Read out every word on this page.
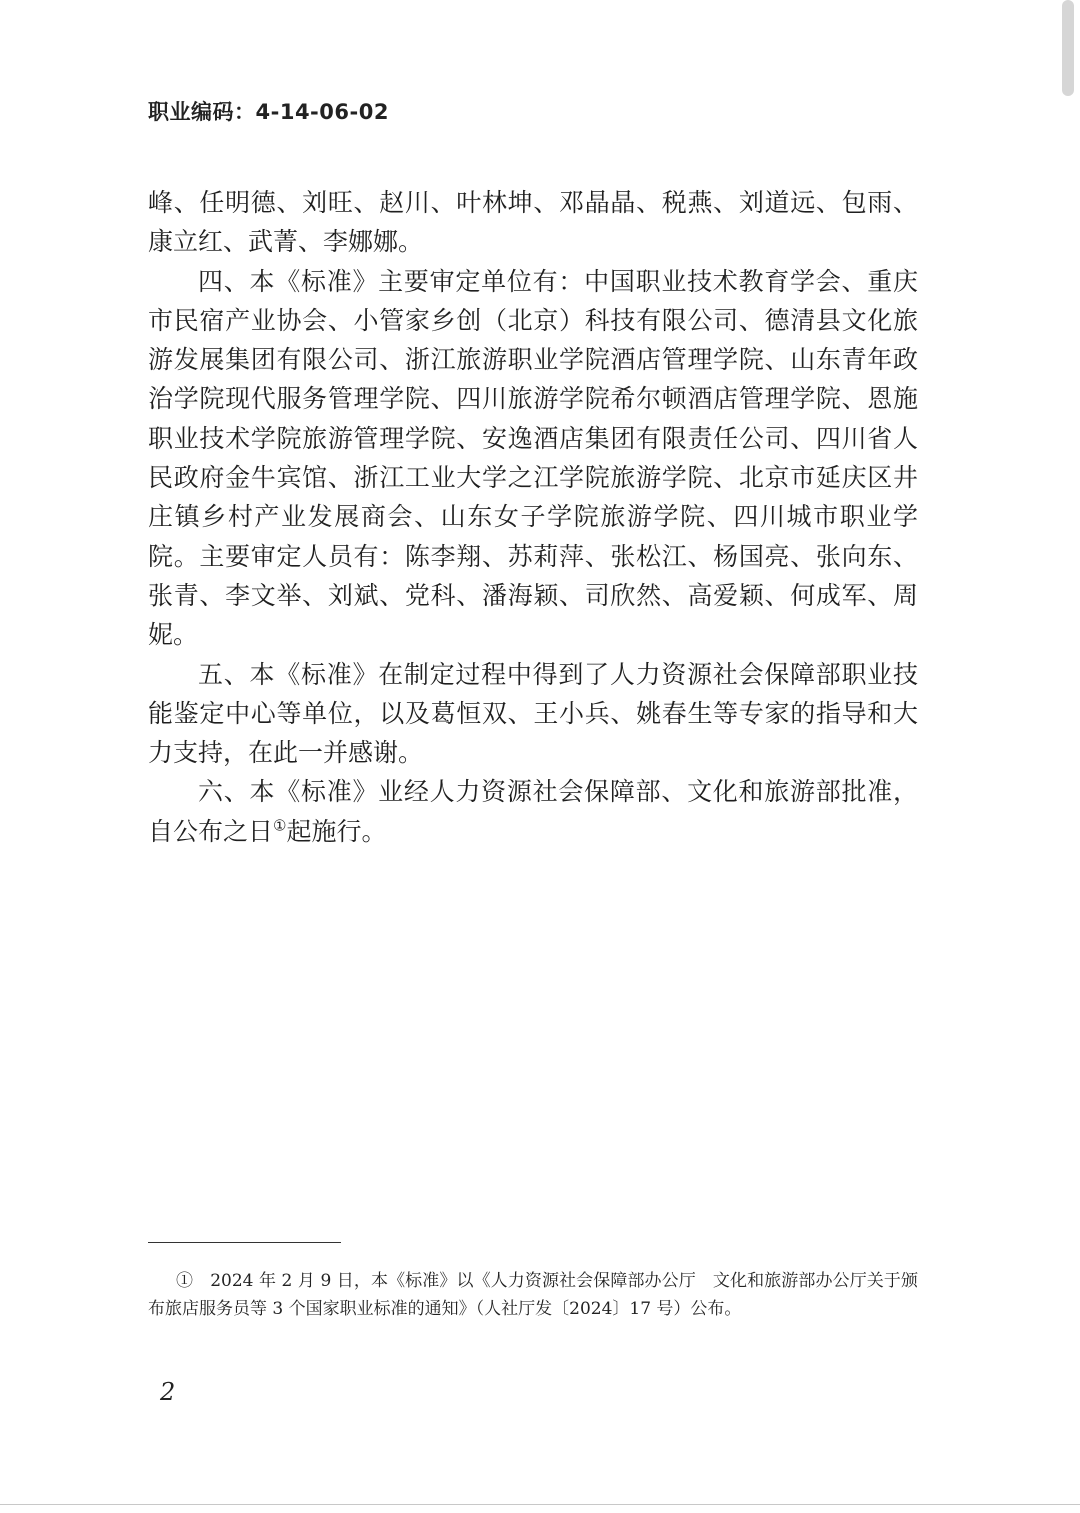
职业编码：4-14-06-02

峰、任明德、刘旺、赵川、叶林坤、邓晶晶、税燕、刘道远、包雨、康立红、武菁、李娜娜。

四、本《标准》主要审定单位有：中国职业技术教育学会、重庆市民宿产业协会、小管家乡创（北京）科技有限公司、德清县文化旅游发展集团有限公司、浙江旅游职业学院酒店管理学院、山东青年政治学院现代服务管理学院、四川旅游学院希尔顿酒店管理学院、恩施职业技术学院旅游管理学院、安逸酒店集团有限责任公司、四川省人民政府金牛宾馆、浙江工业大学之江学院旅游学院、北京市延庆区井庄镇乡村产业发展商会、山东女子学院旅游学院、四川城市职业学院。主要审定人员有：陈李翔、苏莉萍、张松江、杨国亮、张向东、张青、李文举、刘斌、党科、潘海颖、司欣然、高爱颖、何成军、周妮。

五、本《标准》在制定过程中得到了人力资源社会保障部职业技能鉴定中心等单位，以及葛恒双、王小兵、姚春生等专家的指导和大力支持，在此一并感谢。

六、本《标准》业经人力资源社会保障部、文化和旅游部批准，自公布之日①起施行。

①　2024 年 2 月 9 日，本《标准》以《人力资源社会保障部办公厅　文化和旅游部办公厅关于颁布旅店服务员等 3 个国家职业标准的通知》（人社厅发〔2024〕17 号）公布。
2
